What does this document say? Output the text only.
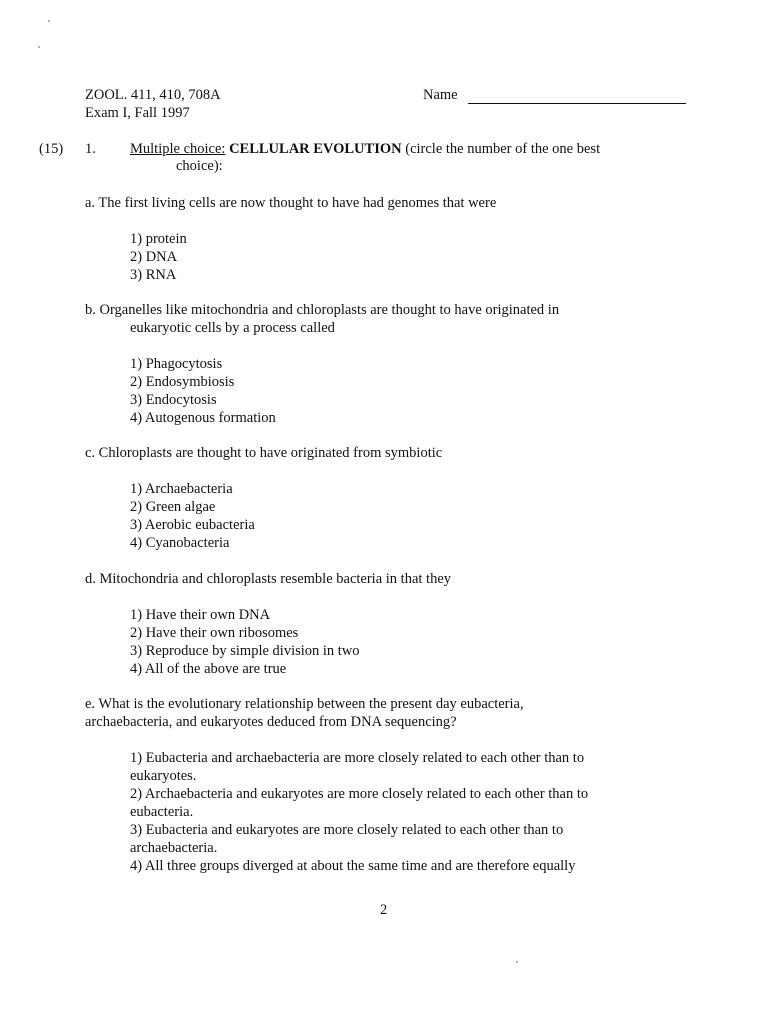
ZOOL. 411, 410, 708A
Exam I, Fall 1997
Name
(15) 1. Multiple choice: CELLULAR EVOLUTION (circle the number of the one best
choice):
a. The first living cells are now thought to have had genomes that were
1) protein
2) DNA
3) RNA
b. Organelles like mitochondria and chloroplasts are thought to have originated in
eukaryotic cells by a process called
1) Phagocytosis
2) Endosymbiosis
3) Endocytosis
4) Autogenous formation
c. Chloroplasts are thought to have originated from symbiotic
1) Archaebacteria
2) Green algae
3) Aerobic eubacteria
4) Cyanobacteria
d. Mitochondria and chloroplasts resemble bacteria in that they
1) Have their own DNA
2) Have their own ribosomes
3) Reproduce by simple division in two
4) All of the above are true
e. What is the evolutionary relationship between the present day eubacteria,
archaebacteria, and eukaryotes deduced from DNA sequencing?
1) Eubacteria and archaebacteria are more closely related to each other than to
eukaryotes.
2) Archaebacteria and eukaryotes are more closely related to each other than to
eubacteria.
3) Eubacteria and eukaryotes are more closely related to each other than to
archaebacteria.
4) All three groups diverged at about the same time and are therefore equally
2
